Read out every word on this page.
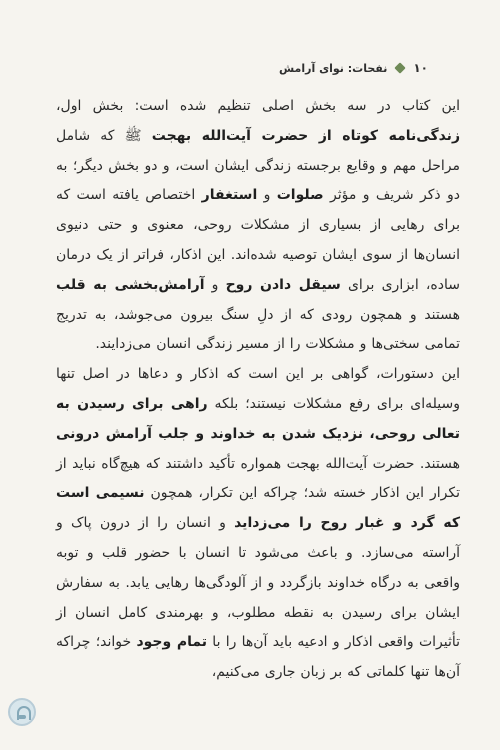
۱۰
نفحات: نوای آرامش

این کتاب در سه بخش اصلی تنظیم شده است: بخش اول، زندگی‌نامه کوتاه از حضرت آیت‌الله بهجت ﷺ که شامل مراحل مهم و وقایع برجسته زندگی ایشان است، و دو بخش دیگر؛ به دو ذکر شریف و مؤثر صلوات و استغفار اختصاص یافته است که برای رهایی از بسیاری از مشکلات روحی، معنوی و حتی دنیوی انسان‌ها از سوی ایشان توصیه شده‌اند. این اذکار، فراتر از یک درمان ساده، ابزاری برای سیقل دادن روح و آرامش‌بخشی به قلب هستند و همچون رودی که از دلِ سنگ بیرون می‌جوشد، به تدریج تمامی سختی‌ها و مشکلات را از مسیر زندگی انسان می‌زدایند.

این دستورات، گواهی بر این است که اذکار و دعاها در اصل تنها وسیله‌ای برای رفع مشکلات نیستند؛ بلکه راهی برای رسیدن به تعالی روحی، نزدیک شدن به خداوند و جلب آرامش درونی هستند. حضرت آیت‌الله بهجت همواره تأکید داشتند که هیچ‌گاه نباید از تکرار این اذکار خسته شد؛ چراکه این تکرار، همچون نسیمی است که گرد و غبار روح را می‌زداید و انسان را از درون پاک و آراسته می‌سازد. و باعث می‌شود تا انسان با حضور قلب و توبه واقعی به درگاه خداوند بازگردد و از آلودگی‌ها رهایی یابد. به سفارش ایشان برای رسیدن به نقطه مطلوب، و بهرمندی کامل انسان از تأثیرات واقعی اذکار و ادعیه باید آن‌ها را با تمام وجود خواند؛ چراکه آن‌ها تنها کلماتی که بر زبان جاری می‌کنیم،
